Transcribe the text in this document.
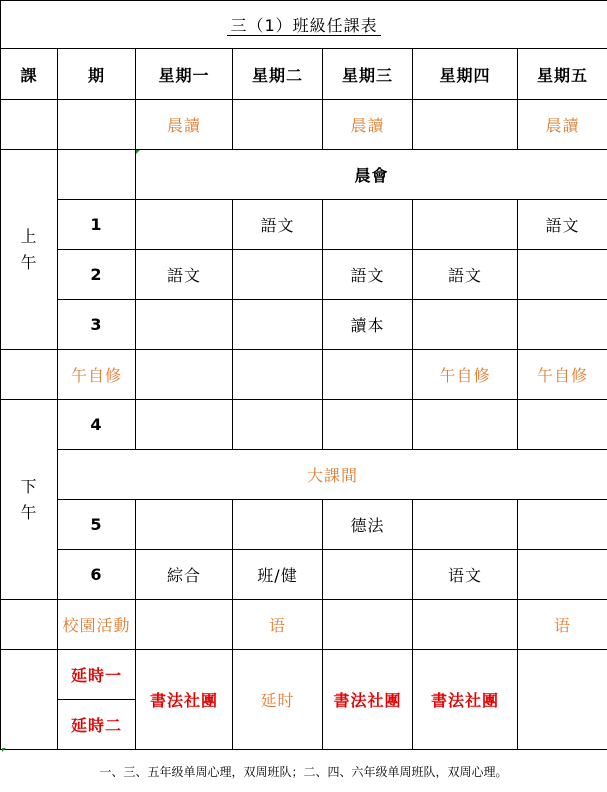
三（1）班級任課表						
課	期	星期一	星期二	星期三	星期四	星期五
		晨讀		晨讀		晨讀

上
午		晨會				
	1		語文			語文
	2	語文		語文	語文	
	3			讀本		
	午自修				午自修	午自修

下
午	4					
	大課間					
	5			德法		
	6	綜合	班/健		语文	
	校園活動		语			语
	延時一	書法社團	延时	書法社團	書法社團	
	延時二					
一、三、五年级单周心理，双周班队；二、四、六年级单周班队，双周心理。
